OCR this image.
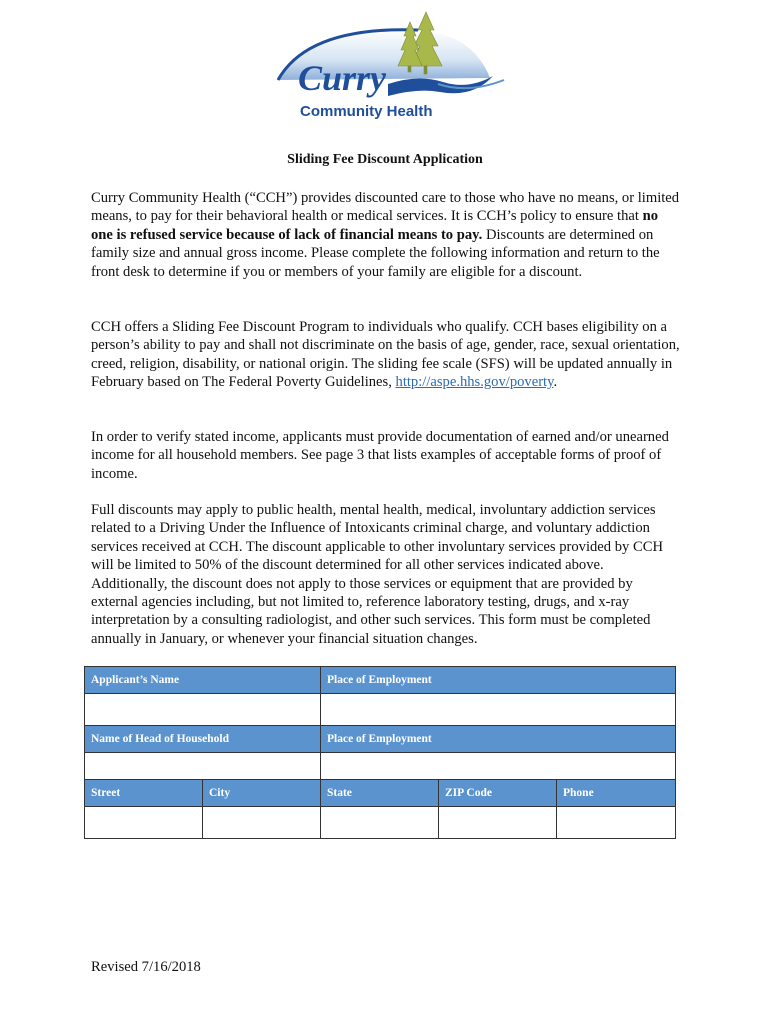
Curry
Community Health
Sliding Fee Discount Application

Curry Community Health (“CCH”) provides discounted care to those who have no means, or limited means, to pay for their behavioral health or medical services. It is CCH’s policy to ensure that no one is refused service because of lack of financial means to pay. Discounts are determined on family size and annual gross income. Please complete the following information and return to the front desk to determine if you or members of your family are eligible for a discount.

CCH offers a Sliding Fee Discount Program to individuals who qualify. CCH bases eligibility on a person’s ability to pay and shall not discriminate on the basis of age, gender, race, sexual orientation, creed, religion, disability, or national origin. The sliding fee scale (SFS) will be updated annually in February based on The Federal Poverty Guidelines, http://aspe.hhs.gov/poverty.

In order to verify stated income, applicants must provide documentation of earned and/or unearned income for all household members. See page 3 that lists examples of acceptable forms of proof of income.

Full discounts may apply to public health, mental health, medical, involuntary addiction services related to a Driving Under the Influence of Intoxicants criminal charge, and voluntary addiction services received at CCH. The discount applicable to other involuntary services provided by CCH will be limited to 50% of the discount determined for all other services indicated above. Additionally, the discount does not apply to those services or equipment that are provided by external agencies including, but not limited to, reference laboratory testing, drugs, and x-ray interpretation by a consulting radiologist, and other such services. This form must be completed annually in January, or whenever your financial situation changes.

Applicant’s Name		Place of Employment		

Name of Head of Household		Place of Employment		

Street	City	State	ZIP Code	Phone

Revised 7/16/2018
